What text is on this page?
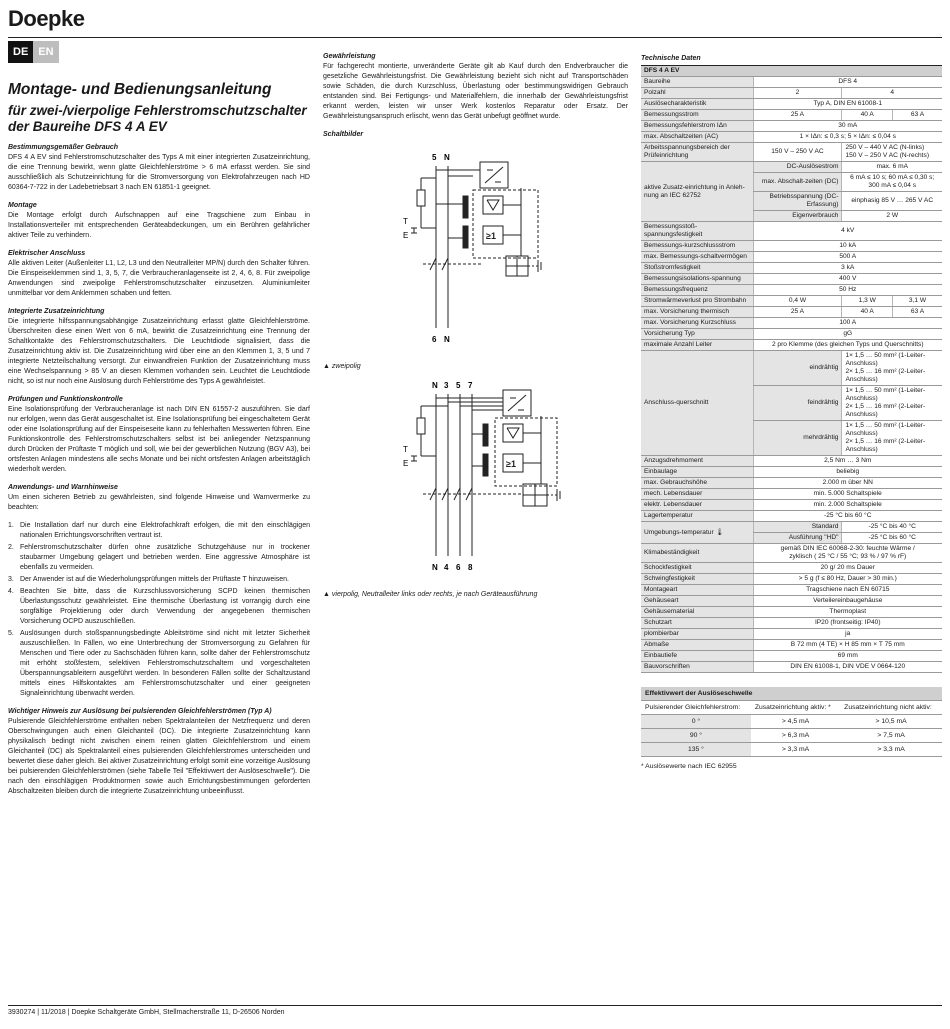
Doepke
DE EN
Montage- und Bedienungsanleitung
für zwei-/vierpolige Fehlerstromschutzschalter
der Baureihe DFS 4 A EV
Bestimmungsgemäßer Gebrauch

DFS 4 A EV sind Fehlerstromschutzschalter des Typs A mit einer integrierten Zusatzeinrichtung, die eine Trennung bewirkt, wenn glatte Gleichfehlerströme > 6 mA erfasst werden. Sie sind ausschließlich als Schutzeinrichtung für die Stromversorgung von Elektrofahrzeugen nach HD 60364-7-722 in der Ladebetriebsart 3 nach EN 61851-1 geeignet.

Montage

Die Montage erfolgt durch Aufschnappen auf eine Tragschiene zum Einbau in Installationsverteiler mit entsprechenden Geräteabdeckungen, um ein Berühren gefährlicher aktiver Teile zu verhindern.

Elektrischer Anschluss

Alle aktiven Leiter (Außenleiter L1, L2, L3 und den Neutralleiter MP/N) durch den Schalter führen. Die Einspeiseklemmen sind 1, 3, 5, 7, die Verbraucheranlagenseite ist 2, 4, 6, 8. Für zweipolige Anwendungen sind zweipolige Fehlerstromschutzschalter einzusetzen. Aluminiumleiter unmittelbar vor dem Anklemmen schaben und fetten.

Integrierte Zusatzeinrichtung

Die integrierte hilfsspannungsabhängige Zusatzeinrichtung erfasst glatte Gleichfehlerströme. Überschreiten diese einen Wert von 6 mA, bewirkt die Zusatzeinrichtung eine Trennung der Schaltkontakte des Fehlerstromschutzschalters. Die Leuchtdiode signalisiert, dass die Zusatzeinrichtung aktiv ist. Die Zusatzeinrichtung wird über eine an den Klemmen 1, 3, 5 und 7 integrierte Netzteilschaltung versorgt. Zur einwandfreien Funktion der Zusatzeinrichtung muss eine Wechselspannung > 85 V an diesen Klemmen vorhanden sein. Leuchtet die Leuchtdiode nicht, so ist nur noch eine Auslösung durch Fehlerströme des Typs A gewährleistet.

Prüfungen und Funktionskontrolle

Eine Isolationsprüfung der Verbraucheranlage ist nach DIN EN 61557-2 auszuführen. Sie darf nur erfolgen, wenn das Gerät ausgeschaltet ist. Eine Isolationsprüfung bei eingeschaltetem Gerät oder eine Isolationsprüfung auf der Einspeiseseite kann zu fehlerhaften Messwerten führen. Eine Funktionskontrolle des Fehlerstromschutzschalters selbst ist bei anliegender Netzspannung durch Drücken der Prüftaste T möglich und soll, wie bei der gewerblichen Nutzung (BGV A3), bei ortsfesten Anlagen mindestens alle sechs Monate und bei nicht ortsfesten Anlagen arbeitstäglich wiederholt werden.

Anwendungs- und Warnhinweise

Um einen sicheren Betrieb zu gewährleisten, sind folgende Hinweise und Warnvermerke zu beachten:

1. Die Installation darf nur durch eine Elektrofachkraft erfolgen, die mit den einschlägigen nationalen Errichtungsvorschriften vertraut ist.
2. Fehlerstromschutzschalter dürfen ohne zusätzliche Schutzgehäuse nur in trockener staubarmer Umgebung gelagert und betrieben werden. Eine aggressive Atmosphäre ist ebenfalls zu vermeiden.
3. Der Anwender ist auf die Wiederholungsprüfungen mittels der Prüftaste T hinzuweisen.
4. Beachten Sie bitte, dass die Kurzschlussvorsicherung SCPD keinen thermischen Überlastungsschutz gewährleistet. Eine thermische Überlastung ist vorrangig durch eine sorgfältige Projektierung oder durch Verwendung der angegebenen thermischen Vorsicherung OCPD auszuschließen.
5. Auslösungen durch stoßspannungsbedingte Ableitströme sind nicht mit letzter Sicherheit auszuschließen. In Fällen, wo eine Unterbrechung der Stromversorgung zu Gefahren für Menschen und Tiere oder zu Sachschäden führen kann, sollte daher der Fehlerstromschutz mit erhöht stoßfestem, selektiven Fehlerstromschutzschaltern und vorgeschalteten Überspannungsableitern ausgeführt werden. In besonderen Fällen sollte der Schaltzustand mittels eines Hilfskontaktes am Fehlerstromschutzschalter und einer geeigneten Signaleinrichtung überwacht werden.
Wichtiger Hinweis zur Auslösung bei pulsierenden Gleichfehlerströmen (Typ A)

Pulsierende Gleichfehlerströme enthalten neben Spektralanteilen der Netzfrequenz und deren Oberschwingungen auch einen Gleichanteil (DC). Die integrierte Zusatzeinrichtung kann physikalisch bedingt nicht zwischen einem reinen glatten Gleichfehlerstrom und einem Gleichanteil (DC) als Spektralanteil eines pulsierenden Gleichfehlerstromes unterscheiden und bewertet diese daher gleich. Bei aktiver Zusatzeinrichtung erfolgt somit eine vorzeitige Auslösung bei pulsierenden Gleichfehlerströmen (siehe Tabelle Teil "Effektivwert der Auslöseschwelle"). Die nach den einschlägigen Produktnormen sowie auch Errichtungsbestimmungen geforderten Abschaltzeiten bleiben durch die integrierte Zusatzeinrichtung unbeeinflusst.

Gewährleistung

Für fachgerecht montierte, unveränderte Geräte gilt ab Kauf durch den Endverbraucher die gesetzliche Gewährleistungsfrist. Die Gewährleistung bezieht sich nicht auf Transportschäden sowie Schäden, die durch Kurzschluss, Überlastung oder bestimmungswidrigen Gebrauch entstanden sind. Bei Fertigungs- und Materialfehlern, die innerhalb der Gewährleistungsfrist erkannt werden, leisten wir unser Werk kostenlos Reparatur oder Ersatz. Der Gewährleistungsanspruch erlischt, wenn das Gerät unbefugt geöffnet wurde.

Schaltbilder
≥1
5 N
6 N
T
E
▲ zweipolig
≥1
N 3 5 7
N 4 6 8
T
E
▲ vierpolig, Neutralleiter links oder rechts, je nach Geräteausführung
Technische Daten
DFS 4 A EV			
Baureihe	DFS 4		
Polzahl	2	4	
Auslösecharakteristik	Typ A, DIN EN 61008-1		
Bemessungsstrom	25 A	40 A	63 A
Bemessungsfehlerstrom IΔn	30 mA		
max. Abschaltzeiten (AC)	1 × IΔn: ≤ 0,3 s; 5 × IΔn: ≤ 0,04 s		
Arbeitsspannungsbereich der Prüfeinrichtung	150 V – 250 V AC	250 V – 440 V AC (N-links)
150 V – 250 V AC (N-rechts)	
aktive Zusatz-einrichtung in Anleh-nung an IEC 62752	DC-Auslösestrom	max. 6 mA	
	max. Abschalt-zeiten (DC)	6 mA ≤ 10 s; 60 mA ≤ 0,30 s; 300 mA ≤ 0,04 s	
	Betriebsspannung (DC-Erfassung)	einphasig 85 V … 265 V AC	
	Eigenverbrauch	2 W	
Bemessungsstoß-spannungsfestigkeit	4 kV		
Bemessungs-kurzschlussstrom	10 kA		
max. Bemessungs-schaltvermögen	500 A		
Stoßstromfestigkeit	3 kA		
Bemessungsisolations-spannung	400 V		
Bemessungsfrequenz	50 Hz		
Stromwärmeverlust pro Strombahn	0,4 W	1,3 W	3,1 W
max. Vorsicherung thermisch	25 A	40 A	63 A
max. Vorsicherung Kurzschluss	100 A		
Vorsicherung Typ	gG		
maximale Anzahl Leiter	2 pro Klemme (des gleichen Typs und Querschnitts)		
Anschluss-querschnitt	eindrähtig	1× 1,5 … 50 mm² (1-Leiter-Anschluss)
2× 1,5 … 16 mm² (2-Leiter-Anschluss)	
	feindrähtig	1× 1,5 … 50 mm² (1-Leiter-Anschluss)
2× 1,5 … 16 mm² (2-Leiter-Anschluss)	
	mehrdrähtig	1× 1,5 … 50 mm² (1-Leiter-Anschluss)
2× 1,5 … 16 mm² (2-Leiter-Anschluss)	
Anzugsdrehmoment	2,5 Nm … 3 Nm		
Einbaulage	beliebig		
max. Gebrauchshöhe	2.000 m über NN		
mech. Lebensdauer	min. 5.000 Schaltspiele		
elektr. Lebensdauer	min. 2.000 Schaltspiele		
Lagertemperatur	-25 °C bis 60 °C		
Umgebungs-temperatur 🌡	Standard	-25 °C bis 40 °C	
	Ausführung "HD"	-25 °C bis 60 °C	
Klimabeständigkeit	gemäß DIN IEC 60068-2-30: feuchte Wärme /
zyklisch ( 25 °C / 55 °C; 93 % / 97 % rF)		
Schockfestigkeit	20 g/ 20 ms Dauer		
Schwingfestigkeit	> 5 g (f ≤ 80 Hz, Dauer > 30 min.)		
Montageart	Tragschiene nach EN 60715		
Gehäuseart	Verteilereinbaugehäuse		
Gehäusematerial	Thermoplast		
Schutzart	IP20 (frontseitig: IP40)		
plombierbar	ja		
Abmaße	B 72 mm (4 TE) × H 85 mm × T 75 mm		
Einbautiefe	69 mm		
Bauvorschriften	DIN EN 61008-1, DIN VDE V 0664-120		
Effektivwert der Auslöseschwelle		
Pulsierender Gleichfehlerstrom:	Zusatzeinrichtung aktiv: *	Zusatzeinrichtung nicht aktiv:
0 °	> 4,5 mA	> 10,5 mA
90 °	> 6,3 mA	> 7,5 mA
135 °	> 3,3 mA	> 3,3 mA
* Auslösewerte nach IEC 62955
3930274 | 11/2018 | Doepke Schaltgeräte GmbH, Stellmacherstraße 11, D-26506 Norden
